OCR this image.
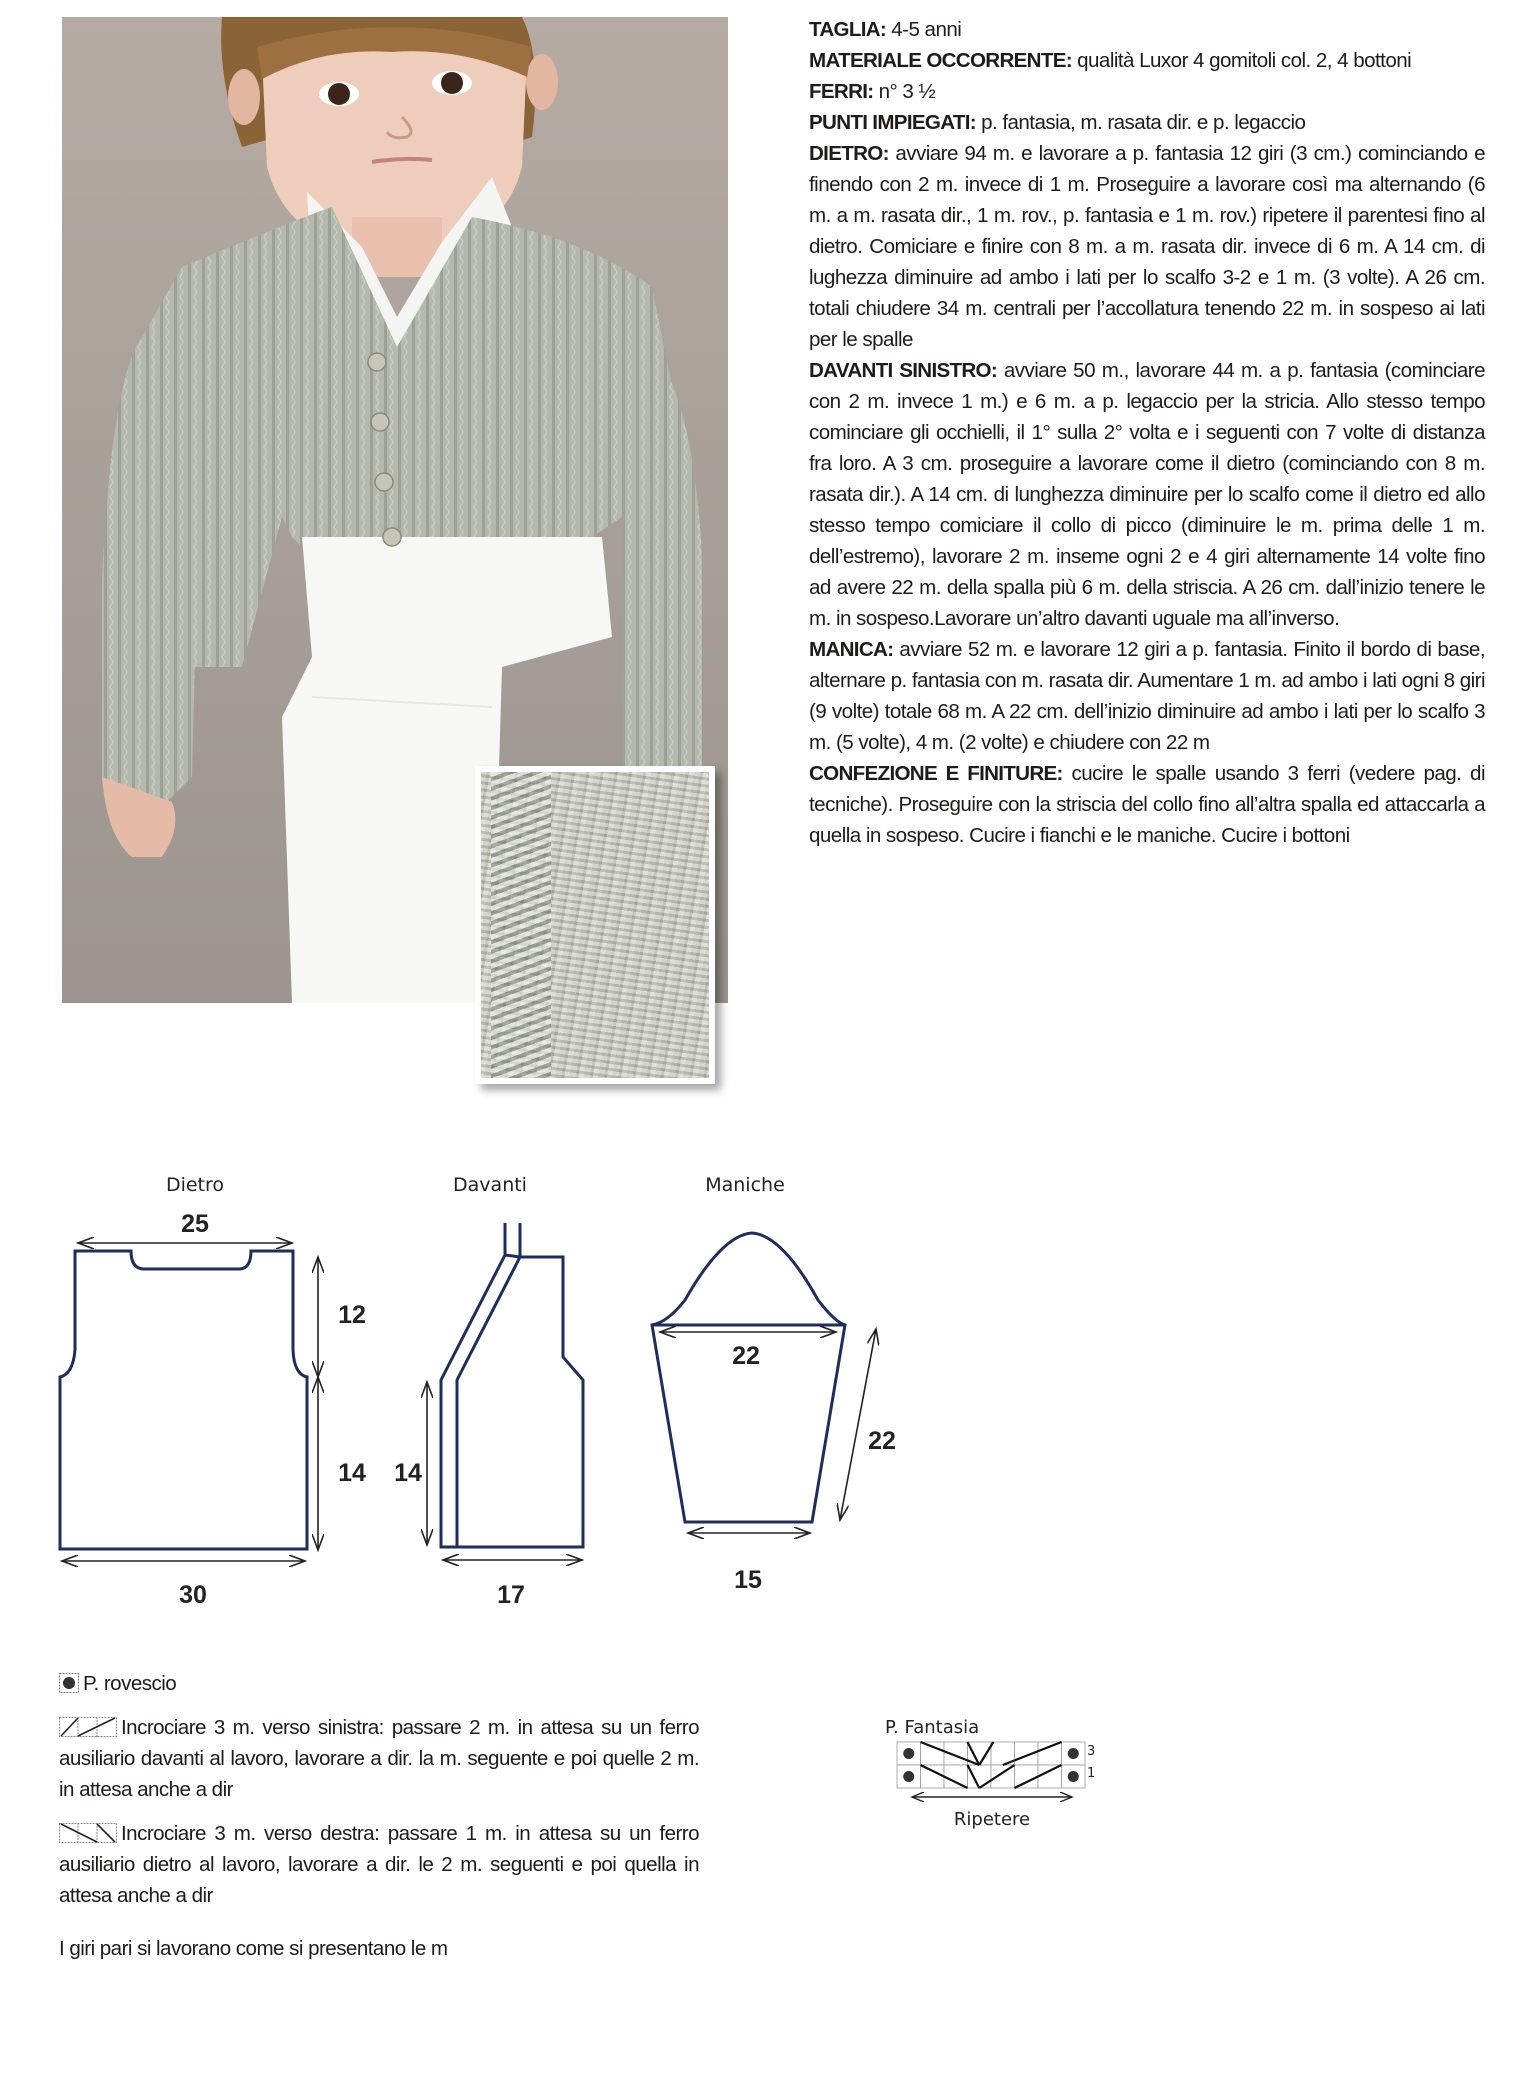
TAGLIA: 4-5 anni

MATERIALE OCCORRENTE: qualità Luxor 4 gomitoli col. 2, 4 bottoni

FERRI: n° 3 ½

PUNTI IMPIEGATI: p. fantasia, m. rasata dir. e p. legaccio

DIETRO: avviare 94 m. e lavorare a p. fantasia 12 giri (3 cm.) cominciando e finendo con 2 m. invece di 1 m. Proseguire a lavorare così ma alternando (6 m. a m. rasata dir., 1 m. rov., p. fantasia e 1 m. rov.) ripetere il parentesi fino al dietro. Comiciare e finire con 8 m. a m. rasata dir. invece di 6 m. A 14 cm. di lughezza diminuire ad ambo i lati per lo scalfo 3-2 e 1 m. (3 volte). A 26 cm. totali chiudere 34 m. centrali per l’accollatura tenendo 22 m. in sospeso ai lati per le spalle

DAVANTI SINISTRO: avviare 50 m., lavorare 44 m. a p. fantasia (cominciare con 2 m. invece 1 m.) e 6 m. a p. legaccio per la stricia. Allo stesso tempo cominciare gli occhielli, il 1° sulla 2° volta e i seguenti con 7 volte di distanza fra loro. A 3 cm. proseguire a lavorare come il dietro (cominciando con 8 m. rasata dir.). A 14 cm. di lunghezza diminuire per lo scalfo come il dietro ed allo stesso tempo comiciare il collo di picco (diminuire le m. prima delle 1 m. dell’estremo), lavorare 2 m. inseme ogni 2 e 4 giri alternamente 14 volte fino ad avere 22 m. della spalla più 6 m. della striscia. A 26 cm. dall’inizio tenere le m. in sospeso.Lavorare un’altro davanti uguale ma all’inverso.

MANICA: avviare 52 m. e lavorare 12 giri a p. fantasia. Finito il bordo di base, alternare p. fantasia con m. rasata dir. Aumentare 1 m. ad ambo i lati ogni 8 giri (9 volte) totale 68 m. A 22 cm. dell’inizio diminuire ad ambo i lati per lo scalfo 3 m. (5 volte), 4 m. (2 volte) e chiudere con 22 m

CONFEZIONE E FINITURE: cucire le spalle usando 3 ferri (vedere pag. di tecniche). Proseguire con la striscia del collo fino all’altra spalla ed attaccarla a quella in sospeso. Cucire i fianchi e le maniche. Cucire i bottoni

Dietro
25
12
14
30
Davanti
14
17
Maniche
22
22
15
P. rovescio
Incrociare 3 m. verso sinistra: passare 2 m. in attesa su un ferro ausiliario davanti al lavoro, lavorare a dir. la m. seguente e poi quelle 2 m. in attesa anche a dir
Incrociare 3 m. verso destra: passare 1 m. in attesa su un ferro ausiliario dietro al lavoro, lavorare a dir. le 2 m. seguenti e poi quella in attesa anche a dir
I giri pari si lavorano come si presentano le m
P. Fantasia
3
1
Ripetere
